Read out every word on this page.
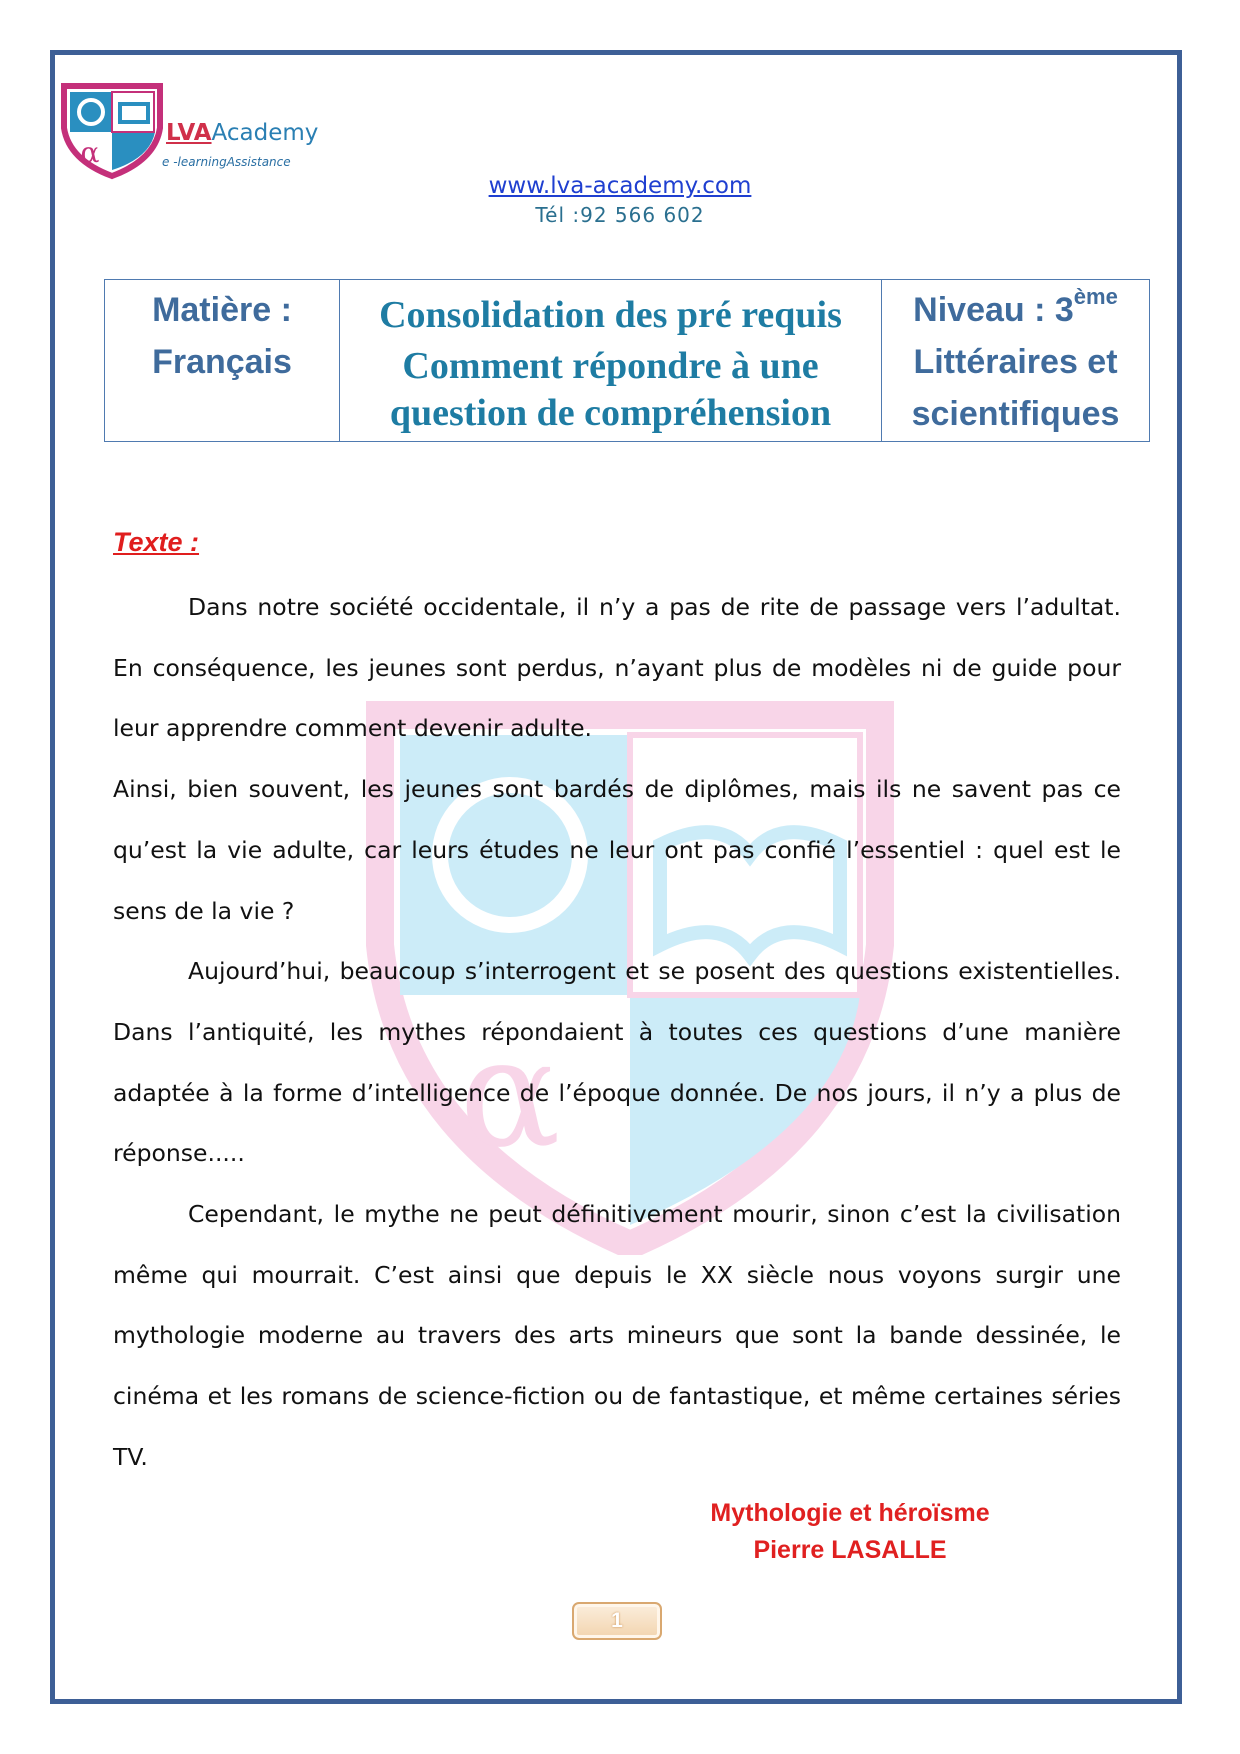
α
α
LVAAcademy
e -learningAssistance
www.lva-academy.com
Tél :92 566 602
Matière :
Français

Consolidation des pré requis
Comment répondre à une
question de compréhension

Niveau : 3ème
Littéraires et
scientifiques
Texte :

Dans notre société occidentale, il n’y a pas de rite de passage vers l’adultat. En conséquence, les jeunes sont perdus, n’ayant plus de modèles ni de guide pour leur apprendre comment devenir adulte.

Ainsi, bien souvent, les jeunes sont bardés de diplômes, mais ils ne savent pas ce qu’est la vie adulte, car leurs études ne leur ont pas confié l’essentiel : quel est le sens de la vie ?

Aujourd’hui, beaucoup s’interrogent et se posent des questions existentielles. Dans l’antiquité, les mythes répondaient à toutes ces questions d’une manière adaptée à la forme d’intelligence de l’époque donnée. De nos jours, il n’y a plus de réponse.....

Cependant, le mythe ne peut définitivement mourir, sinon c’est la civilisation même qui mourrait. C’est ainsi que depuis le XX siècle nous voyons surgir une mythologie moderne au travers des arts mineurs que sont la bande dessinée, le cinéma et les romans de science-fiction ou de fantastique, et même certaines séries TV.

Mythologie et héroïsme
Pierre LASALLE
1
